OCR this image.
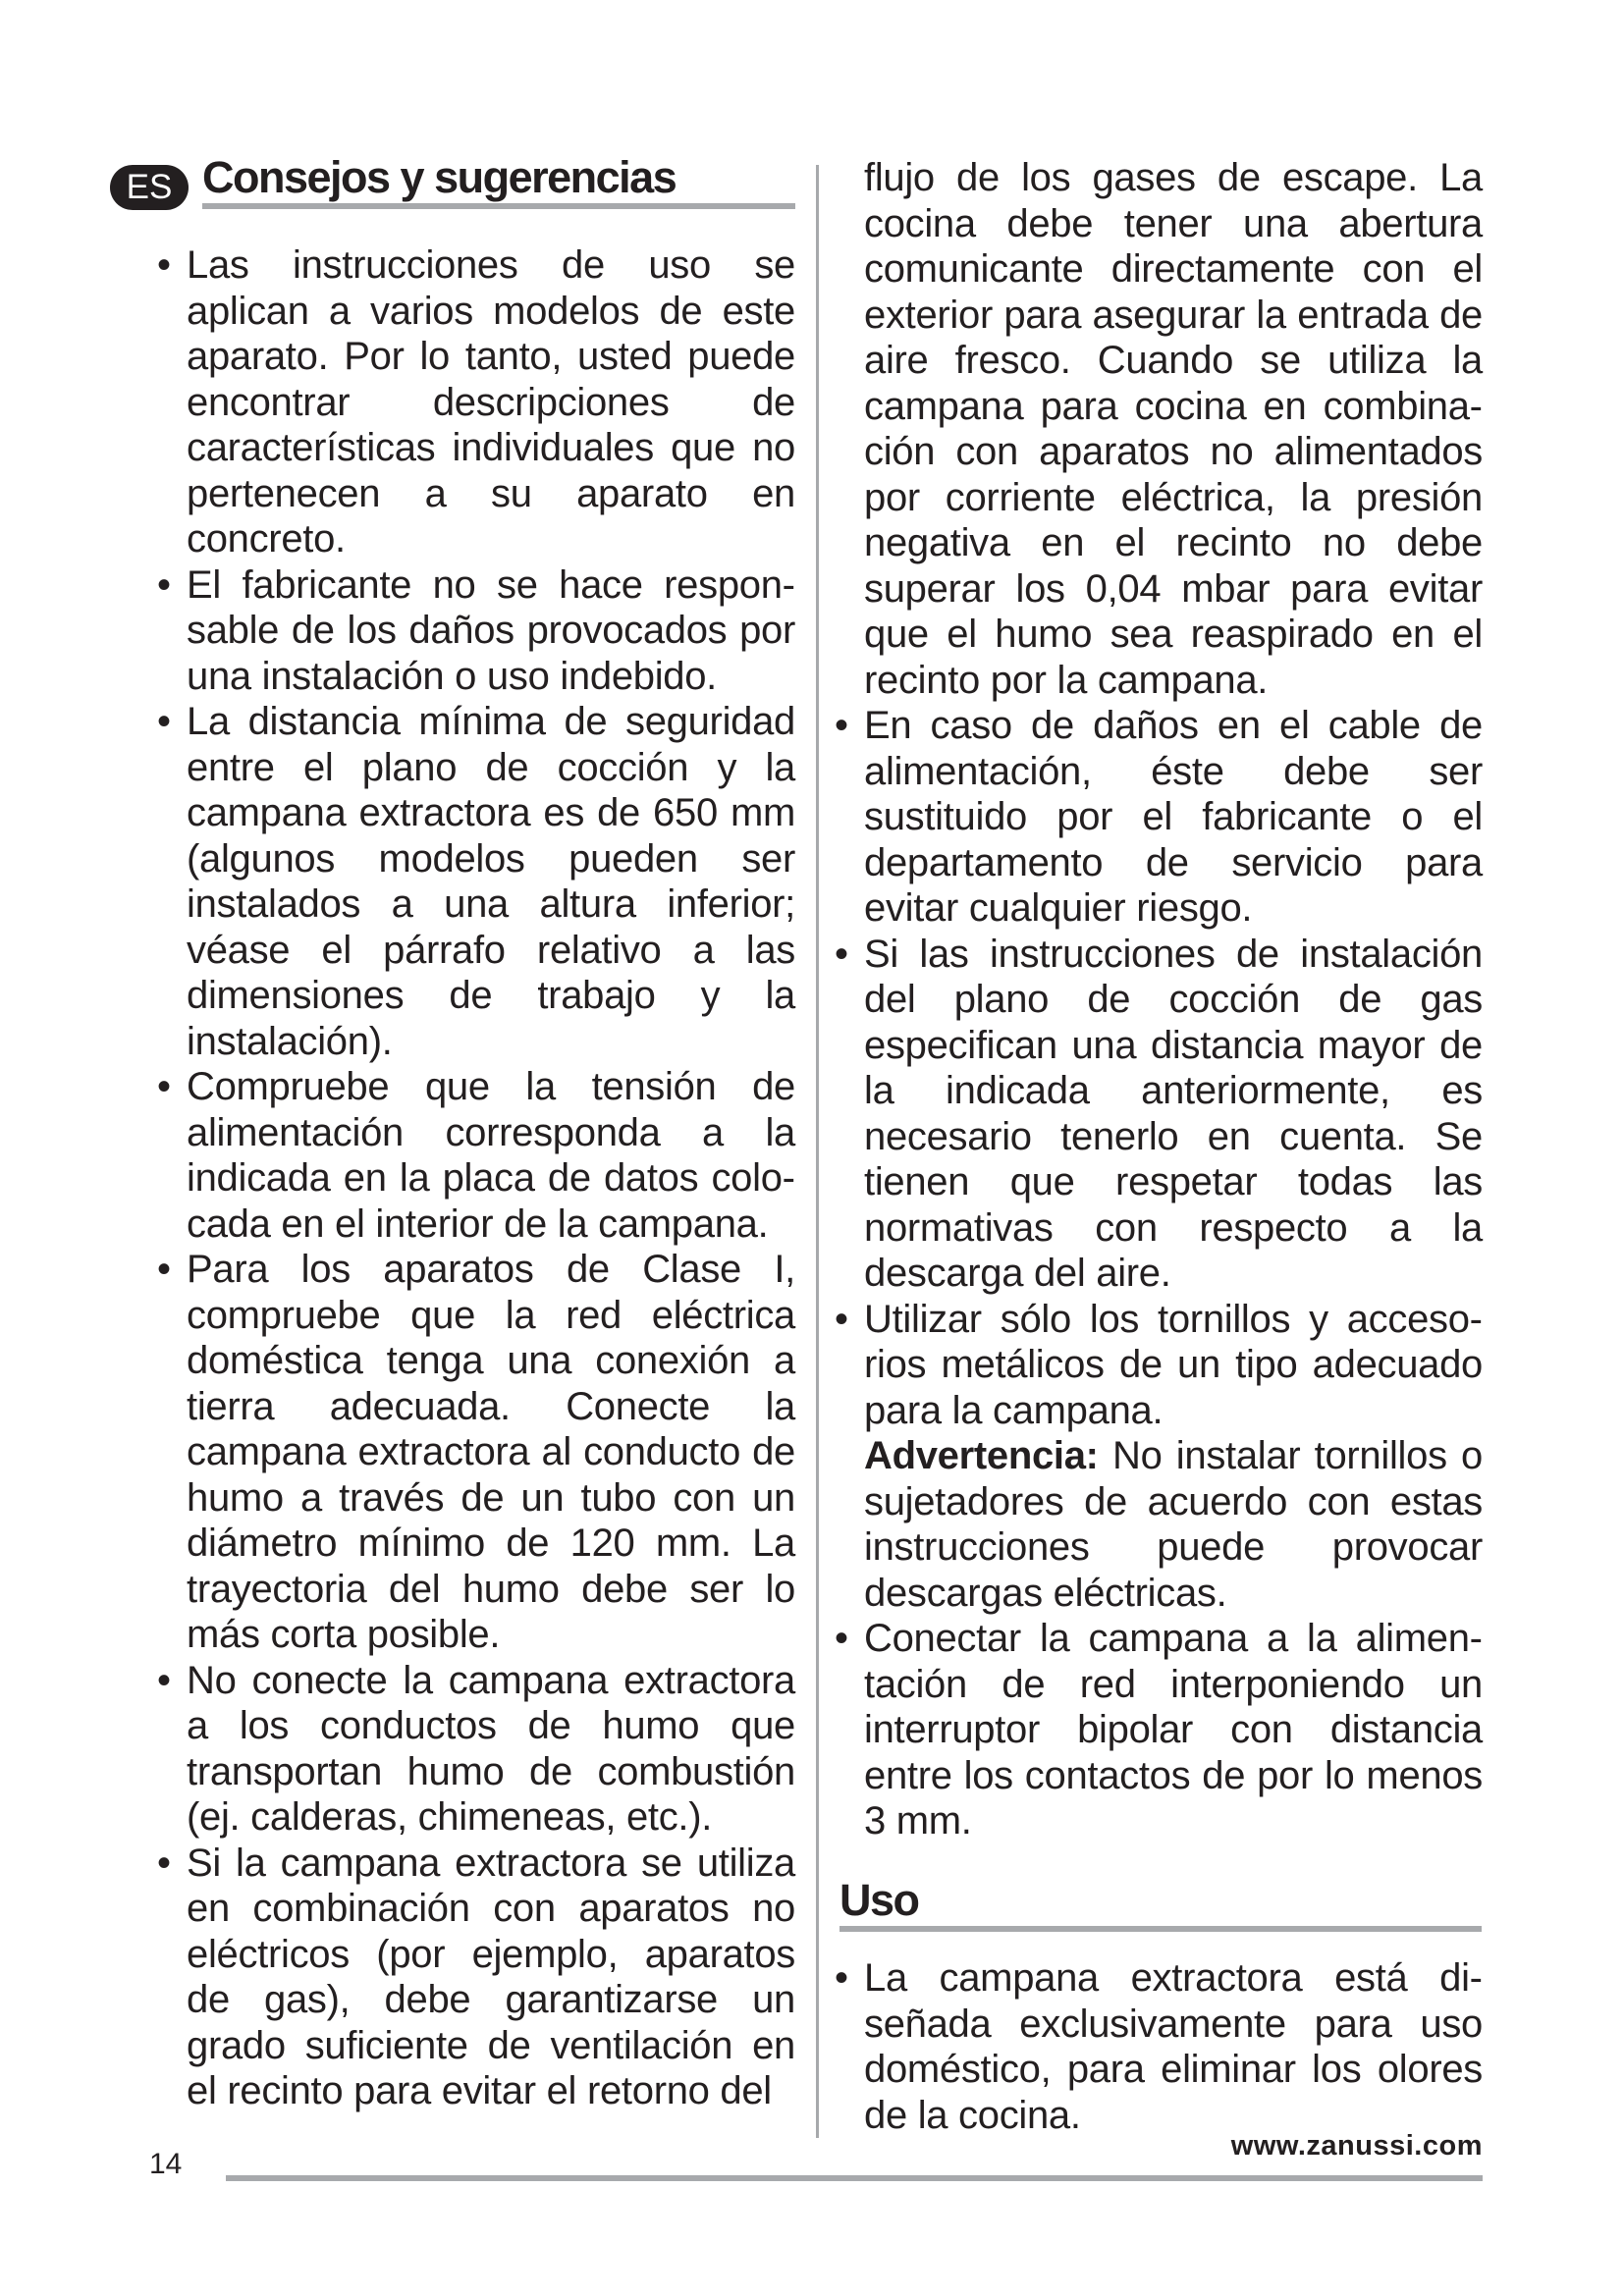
ES Consejos y sugerencias
• Las instrucciones de uso se aplican a varios modelos de este aparato. Por lo tanto, usted puede encontrar descripciones de características individuales que no pertenecen a su aparato en concreto.
• El fabricante no se hace responsable de los daños provocados por una instalación o uso indebido.
• La distancia mínima de seguridad entre el plano de cocción y la campana extractora es de 650 mm (algunos modelos pueden ser instalados a una altura inferior; véase el párrafo relativo a las dimensiones de trabajo y la instalación).
• Compruebe que la tensión de alimentación corresponda a la indicada en la placa de datos colocada en el interior de la campana.
• Para los aparatos de Clase I, compruebe que la red eléctrica doméstica tenga una conexión a tierra adecuada. Conecte la campana extractora al conducto de humo a través de un tubo con un diámetro mínimo de 120 mm. La trayectoria del humo debe ser lo más corta posible.
• No conecte la campana extractora a los conductos de humo que transportan humo de combustión (ej. calderas, chimeneas, etc.).
• Si la campana extractora se utiliza en combinación con aparatos no eléctricos (por ejemplo, aparatos de gas), debe garantizarse un grado suficiente de ventilación en el recinto para evitar el retorno del
flujo de los gases de escape. La cocina debe tener una abertura comunicante directamente con el exterior para asegurar la entrada de aire fresco. Cuando se utiliza la campana para cocina en combinación con aparatos no alimentados por corriente eléctrica, la presión negativa en el recinto no debe superar los 0,04 mbar para evitar que el humo sea reaspirado en el recinto por la campana.
• En caso de daños en el cable de alimentación, éste debe ser sustituido por el fabricante o el departamento de servicio para evitar cualquier riesgo.
• Si las instrucciones de instalación del plano de cocción de gas especifican una distancia mayor de la indicada anteriormente, es necesario tenerlo en cuenta. Se tienen que respetar todas las normativas con respecto a la descarga del aire.
• Utilizar sólo los tornillos y accesorios metálicos de un tipo adecuado para la campana.
Advertencia: No instalar tornillos o sujetadores de acuerdo con estas instrucciones puede provocar descargas eléctricas.
• Conectar la campana a la alimentación de red interponiendo un interruptor bipolar con distancia entre los contactos de por lo menos 3 mm.
Uso
• La campana extractora está diseñada exclusivamente para uso doméstico, para eliminar los olores de la cocina.
14
www.zanussi.com
